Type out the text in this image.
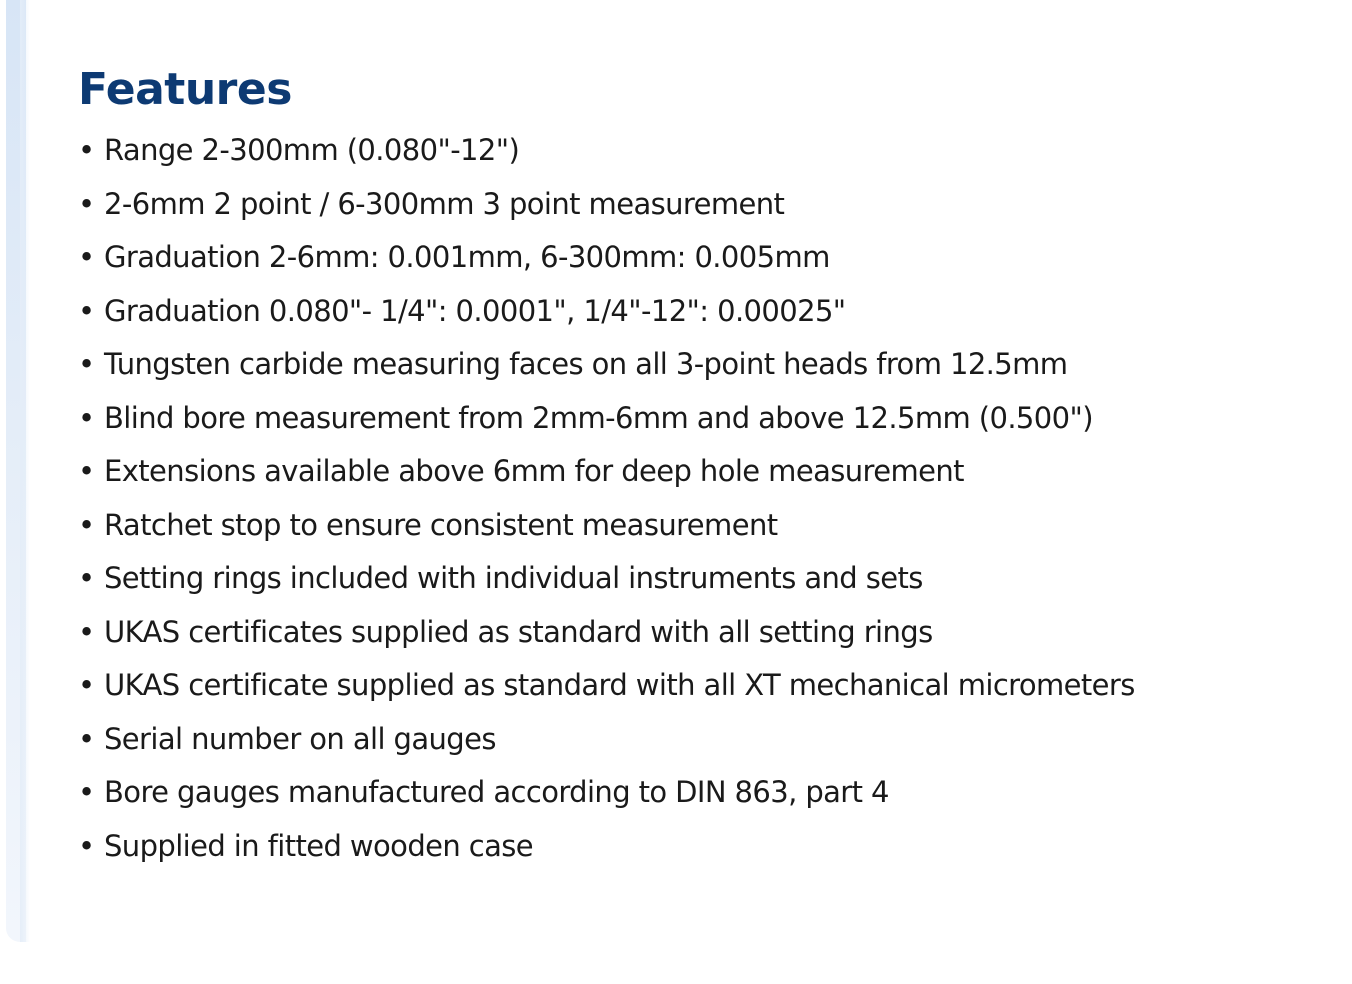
Features
• Range 2-300mm (0.080"-12")
• 2-6mm 2 point / 6-300mm 3 point measurement
• Graduation 2-6mm: 0.001mm, 6-300mm: 0.005mm
• Graduation 0.080"- 1/4": 0.0001", 1/4"-12": 0.00025"
• Tungsten carbide measuring faces on all 3-point heads from 12.5mm
• Blind bore measurement from 2mm-6mm and above 12.5mm (0.500")
• Extensions available above 6mm for deep hole measurement
• Ratchet stop to ensure consistent measurement
• Setting rings included with individual instruments and sets
• UKAS certificates supplied as standard with all setting rings
• UKAS certificate supplied as standard with all XT mechanical micrometers
• Serial number on all gauges
• Bore gauges manufactured according to DIN 863, part 4
• Supplied in fitted wooden case
